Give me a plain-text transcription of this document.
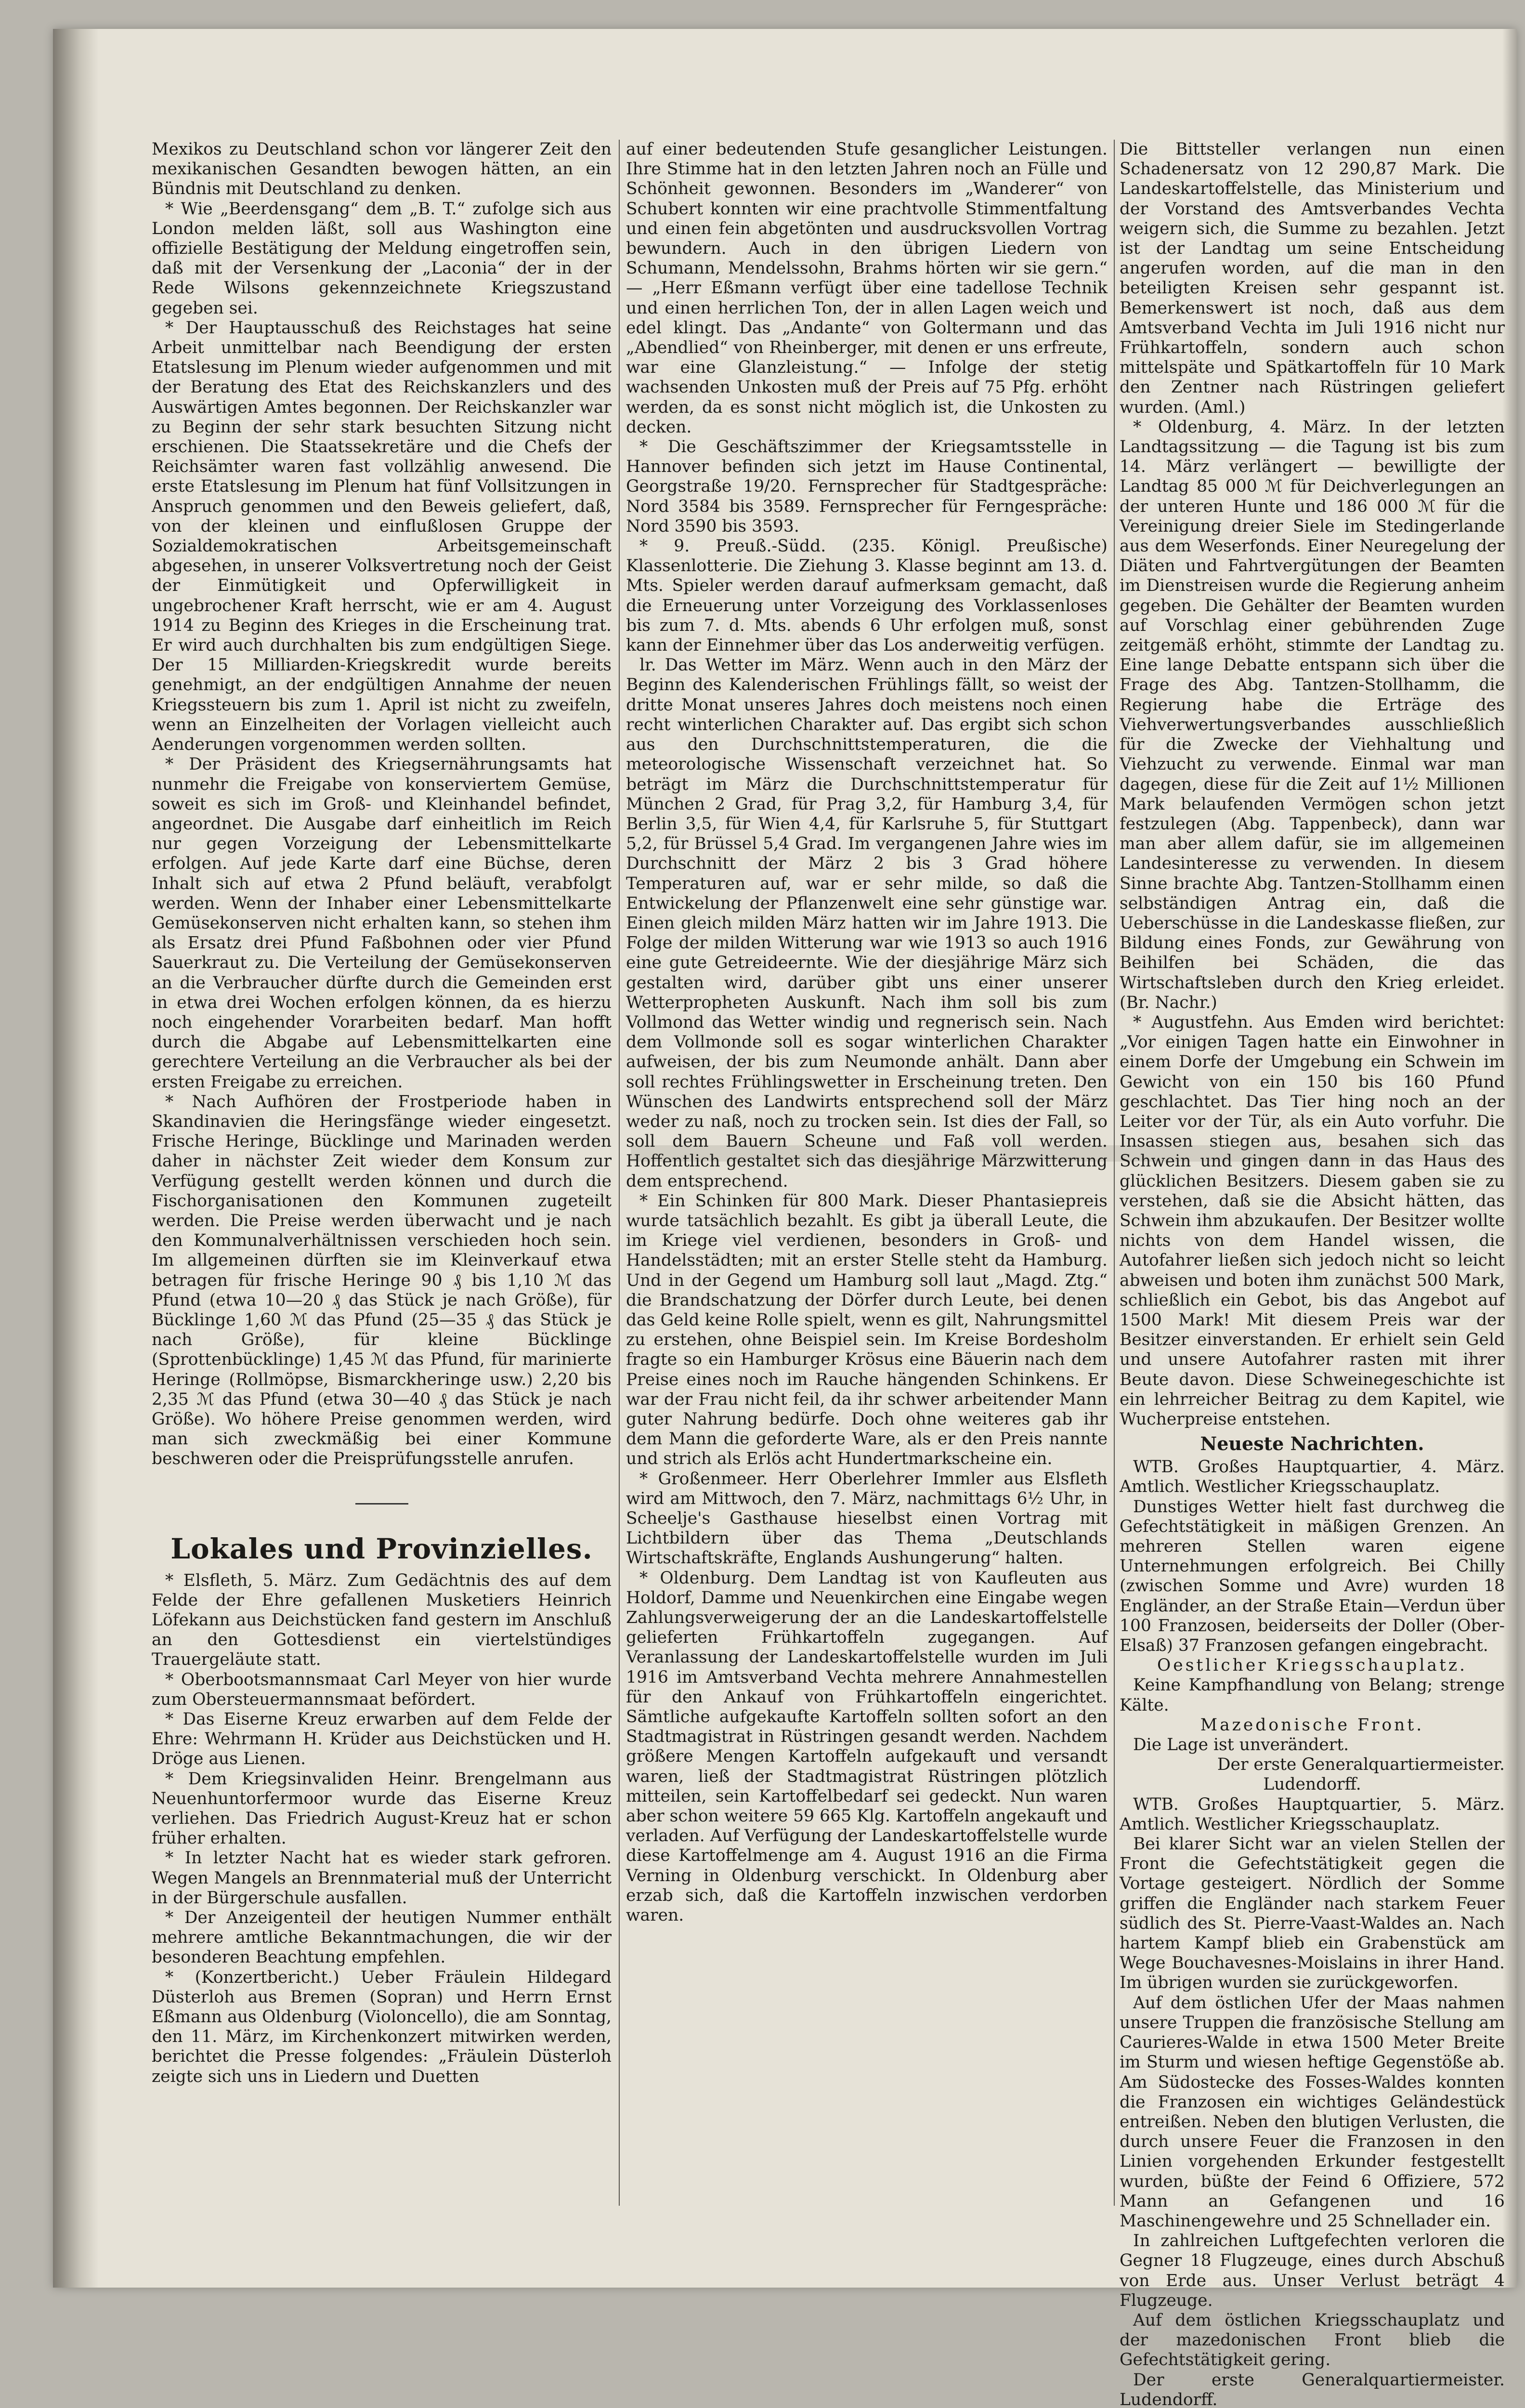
Mexikos zu Deutschland schon vor längerer Zeit den mexikanischen Gesandten bewogen hätten, an ein Bündnis mit Deutschland zu denken.

* Wie „Beerdensgang“ dem „B. T.“ zufolge sich aus London melden läßt, soll aus Washington eine offizielle Bestätigung der Meldung eingetroffen sein, daß mit der Versenkung der „Laconia“ der in der Rede Wilsons gekennzeichnete Kriegszustand gegeben sei.

* Der Hauptausschuß des Reichstages hat seine Arbeit unmittelbar nach Beendigung der ersten Etatslesung im Plenum wieder aufgenommen und mit der Beratung des Etat des Reichskanzlers und des Auswärtigen Amtes begonnen. Der Reichskanzler war zu Beginn der sehr stark besuchten Sitzung nicht erschienen. Die Staatssekretäre und die Chefs der Reichsämter waren fast vollzählig anwesend. Die erste Etatslesung im Plenum hat fünf Vollsitzungen in Anspruch genommen und den Beweis geliefert, daß, von der kleinen und einflußlosen Gruppe der Sozialdemokratischen Arbeitsgemeinschaft abgesehen, in unserer Volksvertretung noch der Geist der Einmütigkeit und Opferwilligkeit in ungebrochener Kraft herrscht, wie er am 4. August 1914 zu Beginn des Krieges in die Erscheinung trat. Er wird auch durchhalten bis zum endgültigen Siege. Der 15 Milliarden-Kriegskredit wurde bereits genehmigt, an der endgültigen Annahme der neuen Kriegssteuern bis zum 1. April ist nicht zu zweifeln, wenn an Einzelheiten der Vorlagen vielleicht auch Aenderungen vorgenommen werden sollten.

* Der Präsident des Kriegsernährungsamts hat nunmehr die Freigabe von konserviertem Gemüse, soweit es sich im Groß- und Kleinhandel befindet, angeordnet. Die Ausgabe darf einheitlich im Reich nur gegen Vorzeigung der Lebensmittelkarte erfolgen. Auf jede Karte darf eine Büchse, deren Inhalt sich auf etwa 2 Pfund beläuft, verabfolgt werden. Wenn der Inhaber einer Lebensmittelkarte Gemüsekonserven nicht erhalten kann, so stehen ihm als Ersatz drei Pfund Faßbohnen oder vier Pfund Sauerkraut zu. Die Verteilung der Gemüsekonserven an die Verbraucher dürfte durch die Gemeinden erst in etwa drei Wochen erfolgen können, da es hierzu noch eingehender Vorarbeiten bedarf. Man hofft durch die Abgabe auf Lebensmittelkarten eine gerechtere Verteilung an die Verbraucher als bei der ersten Freigabe zu erreichen.

* Nach Aufhören der Frostperiode haben in Skandinavien die Heringsfänge wieder eingesetzt. Frische Heringe, Bücklinge und Marinaden werden daher in nächster Zeit wieder dem Konsum zur Verfügung gestellt werden können und durch die Fischorganisationen den Kommunen zugeteilt werden. Die Preise werden überwacht und je nach den Kommunalverhältnissen verschieden hoch sein. Im allgemeinen dürften sie im Kleinverkauf etwa betragen für frische Heringe 90 ₰ bis 1,10 ℳ das Pfund (etwa 10—20 ₰ das Stück je nach Größe), für Bücklinge 1,60 ℳ das Pfund (25—35 ₰ das Stück je nach Größe), für kleine Bücklinge (Sprottenbücklinge) 1,45 ℳ das Pfund, für marinierte Heringe (Rollmöpse, Bismarckheringe usw.) 2,20 bis 2,35 ℳ das Pfund (etwa 30—40 ₰ das Stück je nach Größe). Wo höhere Preise genommen werden, wird man sich zweckmäßig bei einer Kommune beschweren oder die Preisprüfungsstelle anrufen.

Lokales und Provinzielles.

* Elsfleth, 5. März. Zum Gedächtnis des auf dem Felde der Ehre gefallenen Musketiers Heinrich Löfekann aus Deichstücken fand gestern im Anschluß an den Gottesdienst ein viertelstündiges Trauergeläute statt.

* Oberbootsmannsmaat Carl Meyer von hier wurde zum Obersteuermannsmaat befördert.

* Das Eiserne Kreuz erwarben auf dem Felde der Ehre: Wehrmann H. Krüder aus Deichstücken und H. Dröge aus Lienen.

* Dem Kriegsinvaliden Heinr. Brengelmann aus Neuenhuntorfermoor wurde das Eiserne Kreuz verliehen. Das Friedrich August-Kreuz hat er schon früher erhalten.

* In letzter Nacht hat es wieder stark gefroren. Wegen Mangels an Brennmaterial muß der Unterricht in der Bürgerschule ausfallen.

* Der Anzeigenteil der heutigen Nummer enthält mehrere amtliche Bekanntmachungen, die wir der besonderen Beachtung empfehlen.

* (Konzertbericht.) Ueber Fräulein Hildegard Düsterloh aus Bremen (Sopran) und Herrn Ernst Eßmann aus Oldenburg (Violoncello), die am Sonntag, den 11. März, im Kirchenkonzert mitwirken werden, berichtet die Presse folgendes: „Fräulein Düsterloh zeigte sich uns in Liedern und Duetten

auf einer bedeutenden Stufe gesanglicher Leistungen. Ihre Stimme hat in den letzten Jahren noch an Fülle und Schönheit gewonnen. Besonders im „Wanderer“ von Schubert konnten wir eine prachtvolle Stimmentfaltung und einen fein abgetönten und ausdrucksvollen Vortrag bewundern. Auch in den übrigen Liedern von Schumann, Mendelssohn, Brahms hörten wir sie gern.“ — „Herr Eßmann verfügt über eine tadellose Technik und einen herrlichen Ton, der in allen Lagen weich und edel klingt. Das „Andante“ von Goltermann und das „Abendlied“ von Rheinberger, mit denen er uns erfreute, war eine Glanzleistung.“ — Infolge der stetig wachsenden Unkosten muß der Preis auf 75 Pfg. erhöht werden, da es sonst nicht möglich ist, die Unkosten zu decken.

* Die Geschäftszimmer der Kriegsamtsstelle in Hannover befinden sich jetzt im Hause Continental, Georgstraße 19/20. Fernsprecher für Stadtgespräche: Nord 3584 bis 3589. Fernsprecher für Ferngespräche: Nord 3590 bis 3593.

* 9. Preuß.-Südd. (235. Königl. Preußische) Klassenlotterie. Die Ziehung 3. Klasse beginnt am 13. d. Mts. Spieler werden darauf aufmerksam gemacht, daß die Erneuerung unter Vorzeigung des Vorklassenloses bis zum 7. d. Mts. abends 6 Uhr erfolgen muß, sonst kann der Einnehmer über das Los anderweitig verfügen.

lr. Das Wetter im März. Wenn auch in den März der Beginn des Kalenderischen Frühlings fällt, so weist der dritte Monat unseres Jahres doch meistens noch einen recht winterlichen Charakter auf. Das ergibt sich schon aus den Durchschnittstemperaturen, die die meteorologische Wissenschaft verzeichnet hat. So beträgt im März die Durchschnittstemperatur für München 2 Grad, für Prag 3,2, für Hamburg 3,4, für Berlin 3,5, für Wien 4,4, für Karlsruhe 5, für Stuttgart 5,2, für Brüssel 5,4 Grad. Im vergangenen Jahre wies im Durchschnitt der März 2 bis 3 Grad höhere Temperaturen auf, war er sehr milde, so daß die Entwickelung der Pflanzenwelt eine sehr günstige war. Einen gleich milden März hatten wir im Jahre 1913. Die Folge der milden Witterung war wie 1913 so auch 1916 eine gute Getreideernte. Wie der diesjährige März sich gestalten wird, darüber gibt uns einer unserer Wetterpropheten Auskunft. Nach ihm soll bis zum Vollmond das Wetter windig und regnerisch sein. Nach dem Vollmonde soll es sogar winterlichen Charakter aufweisen, der bis zum Neumonde anhält. Dann aber soll rechtes Frühlingswetter in Erscheinung treten. Den Wünschen des Landwirts entsprechend soll der März weder zu naß, noch zu trocken sein. Ist dies der Fall, so soll dem Bauern Scheune und Faß voll werden. Hoffentlich gestaltet sich das diesjährige Märzwitterung dem entsprechend.

* Ein Schinken für 800 Mark. Dieser Phantasiepreis wurde tatsächlich bezahlt. Es gibt ja überall Leute, die im Kriege viel verdienen, besonders in Groß- und Handelsstädten; mit an erster Stelle steht da Hamburg. Und in der Gegend um Hamburg soll laut „Magd. Ztg.“ die Brandschatzung der Dörfer durch Leute, bei denen das Geld keine Rolle spielt, wenn es gilt, Nahrungsmittel zu erstehen, ohne Beispiel sein. Im Kreise Bordesholm fragte so ein Hamburger Krösus eine Bäuerin nach dem Preise eines noch im Rauche hängenden Schinkens. Er war der Frau nicht feil, da ihr schwer arbeitender Mann guter Nahrung bedürfe. Doch ohne weiteres gab ihr dem Mann die geforderte Ware, als er den Preis nannte und strich als Erlös acht Hundertmarkscheine ein.

* Großenmeer. Herr Oberlehrer Immler aus Elsfleth wird am Mittwoch, den 7. März, nachmittags 6½ Uhr, in Scheelje's Gasthause hieselbst einen Vortrag mit Lichtbildern über das Thema „Deutschlands Wirtschaftskräfte, Englands Aushungerung“ halten.

* Oldenburg. Dem Landtag ist von Kaufleuten aus Holdorf, Damme und Neuenkirchen eine Eingabe wegen Zahlungsverweigerung der an die Landeskartoffelstelle gelieferten Frühkartoffeln zugegangen. Auf Veranlassung der Landeskartoffelstelle wurden im Juli 1916 im Amtsverband Vechta mehrere Annahmestellen für den Ankauf von Frühkartoffeln eingerichtet. Sämtliche aufgekaufte Kartoffeln sollten sofort an den Stadtmagistrat in Rüstringen gesandt werden. Nachdem größere Mengen Kartoffeln aufgekauft und versandt waren, ließ der Stadtmagistrat Rüstringen plötzlich mitteilen, sein Kartoffelbedarf sei gedeckt. Nun waren aber schon weitere 59 665 Klg. Kartoffeln angekauft und verladen. Auf Verfügung der Landeskartoffelstelle wurde diese Kartoffelmenge am 4. August 1916 an die Firma Verning in Oldenburg verschickt. In Oldenburg aber erzab sich, daß die Kartoffeln inzwischen verdorben waren.

Die Bittsteller verlangen nun einen Schadenersatz von 12 290,87 Mark. Die Landeskartoffelstelle, das Ministerium und der Vorstand des Amtsverbandes Vechta weigern sich, die Summe zu bezahlen. Jetzt ist der Landtag um seine Entscheidung angerufen worden, auf die man in den beteiligten Kreisen sehr gespannt ist. Bemerkenswert ist noch, daß aus dem Amtsverband Vechta im Juli 1916 nicht nur Frühkartoffeln, sondern auch schon mittelspäte und Spätkartoffeln für 10 Mark den Zentner nach Rüstringen geliefert wurden. (Aml.)

* Oldenburg, 4. März. In der letzten Landtagssitzung — die Tagung ist bis zum 14. März verlängert — bewilligte der Landtag 85 000 ℳ für Deichverlegungen an der unteren Hunte und 186 000 ℳ für die Vereinigung dreier Siele im Stedingerlande aus dem Weserfonds. Einer Neuregelung der Diäten und Fahrtvergütungen der Beamten im Dienstreisen wurde die Regierung anheim gegeben. Die Gehälter der Beamten wurden auf Vorschlag einer gebührenden Zuge zeitgemäß erhöht, stimmte der Landtag zu. Eine lange Debatte entspann sich über die Frage des Abg. Tantzen-Stollhamm, die Regierung habe die Erträge des Viehverwertungsverbandes ausschließlich für die Zwecke der Viehhaltung und Viehzucht zu verwende. Einmal war man dagegen, diese für die Zeit auf 1½ Millionen Mark belaufenden Vermögen schon jetzt festzulegen (Abg. Tappenbeck), dann war man aber allem dafür, sie im allgemeinen Landesinteresse zu verwenden. In diesem Sinne brachte Abg. Tantzen-Stollhamm einen selbständigen Antrag ein, daß die Ueberschüsse in die Landeskasse fließen, zur Bildung eines Fonds, zur Gewährung von Beihilfen bei Schäden, die das Wirtschaftsleben durch den Krieg erleidet. (Br. Nachr.)

* Augustfehn. Aus Emden wird berichtet: „Vor einigen Tagen hatte ein Einwohner in einem Dorfe der Umgebung ein Schwein im Gewicht von ein 150 bis 160 Pfund geschlachtet. Das Tier hing noch an der Leiter vor der Tür, als ein Auto vorfuhr. Die Insassen stiegen aus, besahen sich das Schwein und gingen dann in das Haus des glücklichen Besitzers. Diesem gaben sie zu verstehen, daß sie die Absicht hätten, das Schwein ihm abzukaufen. Der Besitzer wollte nichts von dem Handel wissen, die Autofahrer ließen sich jedoch nicht so leicht abweisen und boten ihm zunächst 500 Mark, schließlich ein Gebot, bis das Angebot auf 1500 Mark! Mit diesem Preis war der Besitzer einverstanden. Er erhielt sein Geld und unsere Autofahrer rasten mit ihrer Beute davon. Diese Schweinegeschichte ist ein lehrreicher Beitrag zu dem Kapitel, wie Wucherpreise entstehen.

Neueste Nachrichten.

WTB. Großes Hauptquartier, 4. März. Amtlich. Westlicher Kriegsschauplatz.

Dunstiges Wetter hielt fast durchweg die Gefechtstätigkeit in mäßigen Grenzen. An mehreren Stellen waren eigene Unternehmungen erfolgreich. Bei Chilly (zwischen Somme und Avre) wurden 18 Engländer, an der Straße Etain—Verdun über 100 Franzosen, beiderseits der Doller (Ober-Elsaß) 37 Franzosen gefangen eingebracht.

Oestlicher Kriegsschauplatz.

Keine Kampfhandlung von Belang; strenge Kälte.

Mazedonische Front.

Die Lage ist unverändert.

Der erste Generalquartiermeister.

Ludendorff.

WTB. Großes Hauptquartier, 5. März. Amtlich. Westlicher Kriegsschauplatz.

Bei klarer Sicht war an vielen Stellen der Front die Gefechtstätigkeit gegen die Vortage gesteigert. Nördlich der Somme griffen die Engländer nach starkem Feuer südlich des St. Pierre-Vaast-Waldes an. Nach hartem Kampf blieb ein Grabenstück am Wege Bouchavesnes-Moislains in ihrer Hand. Im übrigen wurden sie zurückgeworfen.

Auf dem östlichen Ufer der Maas nahmen unsere Truppen die französische Stellung am Caurieres-Walde in etwa 1500 Meter Breite im Sturm und wiesen heftige Gegenstöße ab. Am Südostecke des Fosses-Waldes konnten die Franzosen ein wichtiges Geländestück entreißen. Neben den blutigen Verlusten, die durch unsere Feuer die Franzosen in den Linien vorgehenden Erkunder festgestellt wurden, büßte der Feind 6 Offiziere, 572 Mann an Gefangenen und 16 Maschinengewehre und 25 Schnellader ein.

In zahlreichen Luftgefechten verloren die Gegner 18 Flugzeuge, eines durch Abschuß von Erde aus. Unser Verlust beträgt 4 Flugzeuge.

Auf dem östlichen Kriegsschauplatz und der mazedonischen Front blieb die Gefechtstätigkeit gering.

Der erste Generalquartiermeister. Ludendorff.
